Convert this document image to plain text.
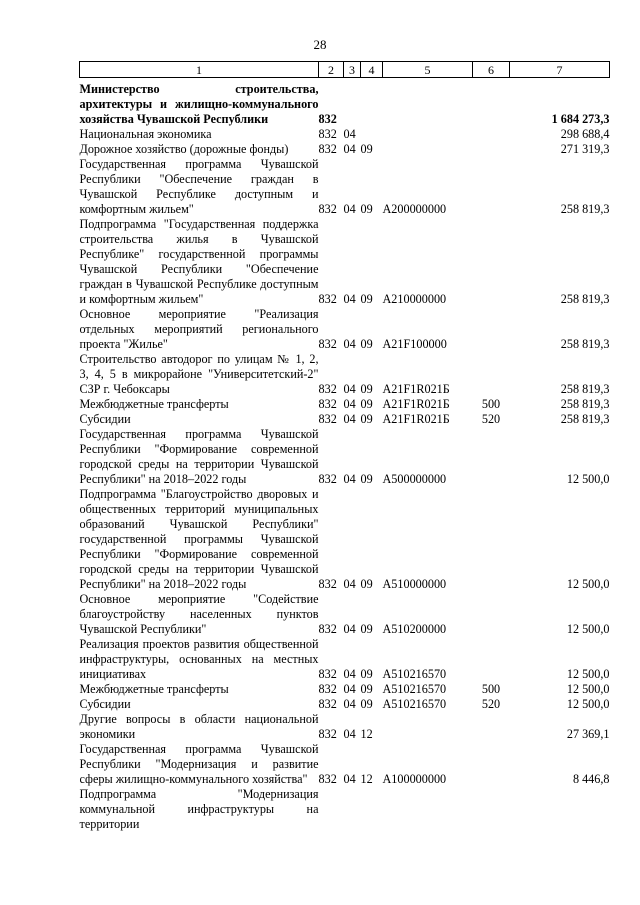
28
1	2	3	4	5	6	7

Министерство строительства, архитектуры и жилищно-коммунального хозяйства Чувашской Республики	832					1 684 273,3
Национальная экономика	832	04				298 688,4
Дорожное хозяйство (дорожные фонды)	832	04	09			271 319,3
Государственная программа Чувашской Республики "Обеспечение граждан в Чувашской Республике доступным и комфортным жильем"	832	04	09	А200000000		258 819,3
Подпрограмма "Государственная поддержка строительства жилья в Чувашской Республике" государственной программы Чувашской Республики "Обеспечение граждан в Чувашской Республике доступным и комфортным жильем"	832	04	09	А210000000		258 819,3
Основное мероприятие "Реализация отдельных мероприятий регионального проекта "Жилье"	832	04	09	А21F100000		258 819,3
Строительство автодорог по улицам № 1, 2, 3, 4, 5 в микрорайоне "Университетский-2" СЗР г. Чебоксары	832	04	09	А21F1R021Б		258 819,3
Межбюджетные трансферты	832	04	09	А21F1R021Б	500	258 819,3
Субсидии	832	04	09	А21F1R021Б	520	258 819,3
Государственная программа Чувашской Республики "Формирование современной городской среды на территории Чувашской Республики" на 2018–2022 годы	832	04	09	А500000000		12 500,0
Подпрограмма "Благоустройство дворовых и общественных территорий муниципальных образований Чувашской Республики" государственной программы Чувашской Республики "Формирование современной городской среды на территории Чувашской Республики" на 2018–2022 годы	832	04	09	А510000000		12 500,0
Основное мероприятие "Содействие благоустройству населенных пунктов Чувашской Республики"	832	04	09	А510200000		12 500,0
Реализация проектов развития общественной инфраструктуры, основанных на местных инициативах	832	04	09	А510216570		12 500,0
Межбюджетные трансферты	832	04	09	А510216570	500	12 500,0
Субсидии	832	04	09	А510216570	520	12 500,0
Другие вопросы в области национальной экономики	832	04	12			27 369,1
Государственная программа Чувашской Республики "Модернизация и развитие сферы жилищно-коммунального хозяйства"	832	04	12	А100000000		8 446,8
Подпрограмма "Модернизация коммунальной инфраструктуры на территории						
